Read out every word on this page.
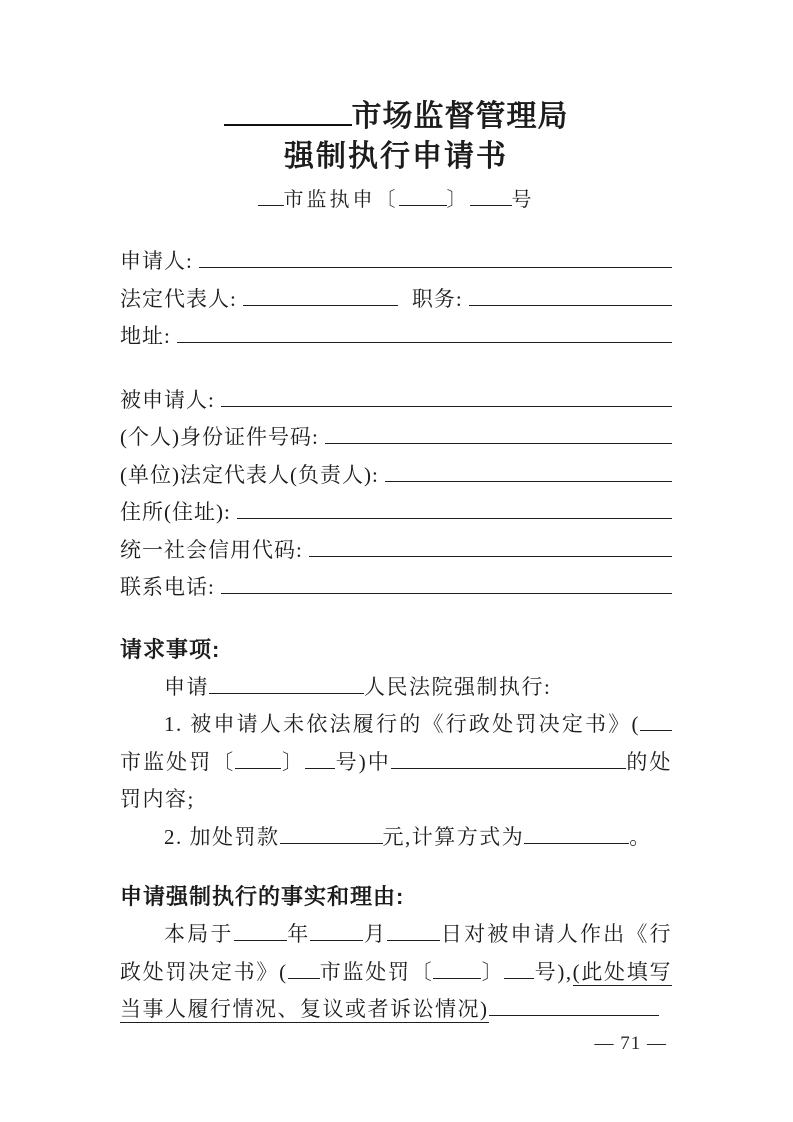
市场监督管理局
强制执行申请书
市监执申〔 〕 号
申请人:
法定代表人:	职务:
地址:
被申请人:
(个人)身份证件号码:
(单位)法定代表人(负责人):
住所(住址):
统一社会信用代码:
联系电话:
请求事项:

申请	人民法院强制执行:

1. 被申请人未依法履行的《行政处罚决定书》(市监处罚〔 〕 号)中	的处罚内容;

2. 加处罚款	元,计算方式为	。

申请强制执行的事实和理由:

本局于	年	月	日对被申请人作出《行政处罚决定书》( 市监处罚〔 〕 号),(此处填写当事人履行情况、复议或者诉讼情况)

— 71 —
